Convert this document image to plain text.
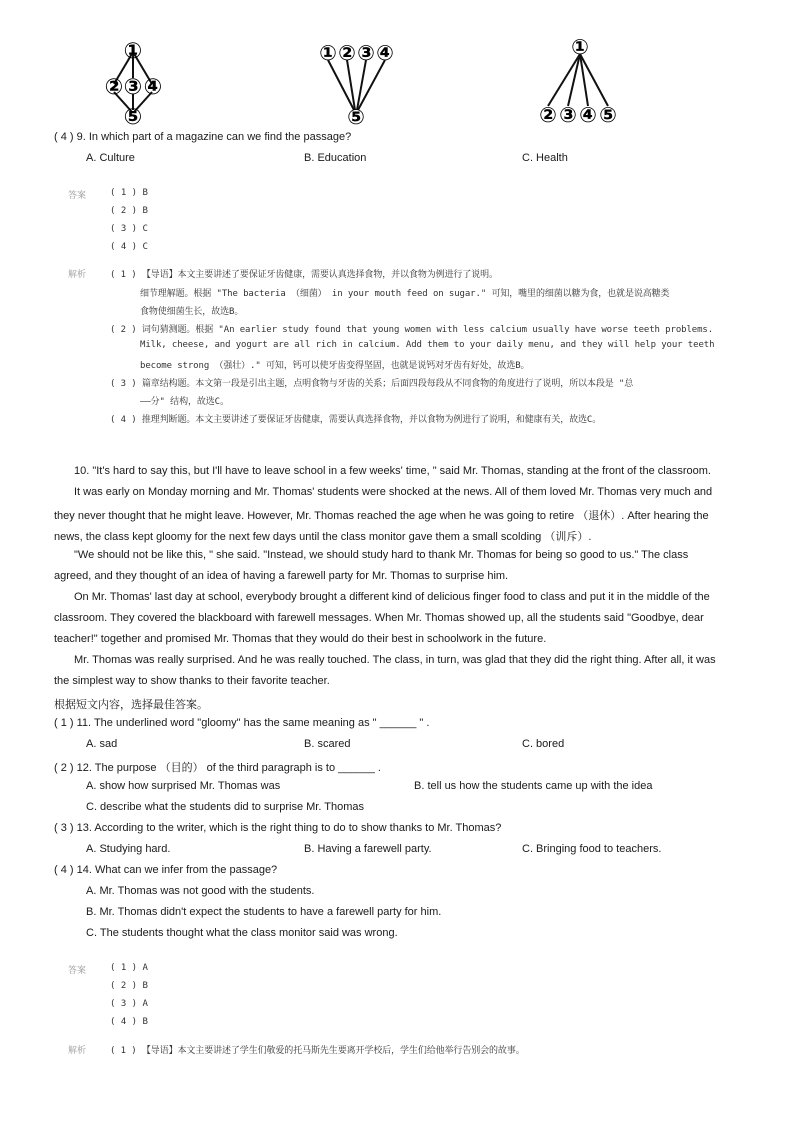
①
② ③ ④
⑤
① ② ③ ④
⑤
①
② ③ ④ ⑤
( 4 ) 9. In which part of a magazine can we find the passage?
A. Culture	B. Education	C. Health
答案	( 1 ) B
( 2 ) B
( 3 ) C
( 4 ) C
解析	( 1 ) 【导语】本文主要讲述了要保证牙齿健康，需要认真选择食物，并以食物为例进行了说明。
细节理解题。根据 "The bacteria （细菌） in your mouth feed on sugar." 可知，嘴里的细菌以糖为食，也就是说高糖类
食物使细菌生长，故选B。
( 2 ) 词句猜测题。根据 "An earlier study found that young women with less calcium usually have worse teeth problems.
Milk, cheese, and yogurt are all rich in calcium. Add them to your daily menu, and they will help your teeth
become strong （强壮）." 可知，钙可以使牙齿变得坚固，也就是说钙对牙齿有好处，故选B。
( 3 ) 篇章结构题。本文第一段是引出主题，点明食物与牙齿的关系；后面四段每段从不同食物的角度进行了说明，所以本段是 "总
——分" 结构，故选C。
( 4 ) 推理判断题。本文主要讲述了要保证牙齿健康，需要认真选择食物，并以食物为例进行了说明，和健康有关，故选C。
10. "It's hard to say this, but I'll have to leave school in a few weeks' time, " said Mr. Thomas, standing at the front of the classroom.
It was early on Monday morning and Mr. Thomas' students were shocked at the news. All of them loved Mr. Thomas very much and
they never thought that he might leave. However, Mr. Thomas reached the age when he was going to retire （退休）. After hearing the
news, the class kept gloomy for the next few days until the class monitor gave them a small scolding （训斥）.
"We should not be like this, " she said. "Instead, we should study hard to thank Mr. Thomas for being so good to us." The class
agreed, and they thought of an idea of having a farewell party for Mr. Thomas to surprise him.
On Mr. Thomas' last day at school, everybody brought a different kind of delicious finger food to class and put it in the middle of the
classroom. They covered the blackboard with farewell messages. When Mr. Thomas showed up, all the students said "Goodbye, dear
teacher!" together and promised Mr. Thomas that they would do their best in schoolwork in the future.
Mr. Thomas was really surprised. And he was really touched. The class, in turn, was glad that they did the right thing. After all, it was
the simplest way to show thanks to their favorite teacher.
根据短文内容，选择最佳答案。
( 1 ) 11. The underlined word "gloomy" has the same meaning as " ______ " .
A. sad	B. scared	C. bored
( 2 ) 12. The purpose （目的） of the third paragraph is to ______ .
A. show how surprised Mr. Thomas was	B. tell us how the students came up with the idea
C. describe what the students did to surprise Mr. Thomas
( 3 ) 13. According to the writer, which is the right thing to do to show thanks to Mr. Thomas?
A. Studying hard.	B. Having a farewell party.	C. Bringing food to teachers.
( 4 ) 14. What can we infer from the passage?
A. Mr. Thomas was not good with the students.
B. Mr. Thomas didn't expect the students to have a farewell party for him.
C. The students thought what the class monitor said was wrong.
答案	( 1 ) A
( 2 ) B
( 3 ) A
( 4 ) B
解析	( 1 ) 【导语】本文主要讲述了学生们敬爱的托马斯先生要离开学校后，学生们给他举行告别会的故事。
